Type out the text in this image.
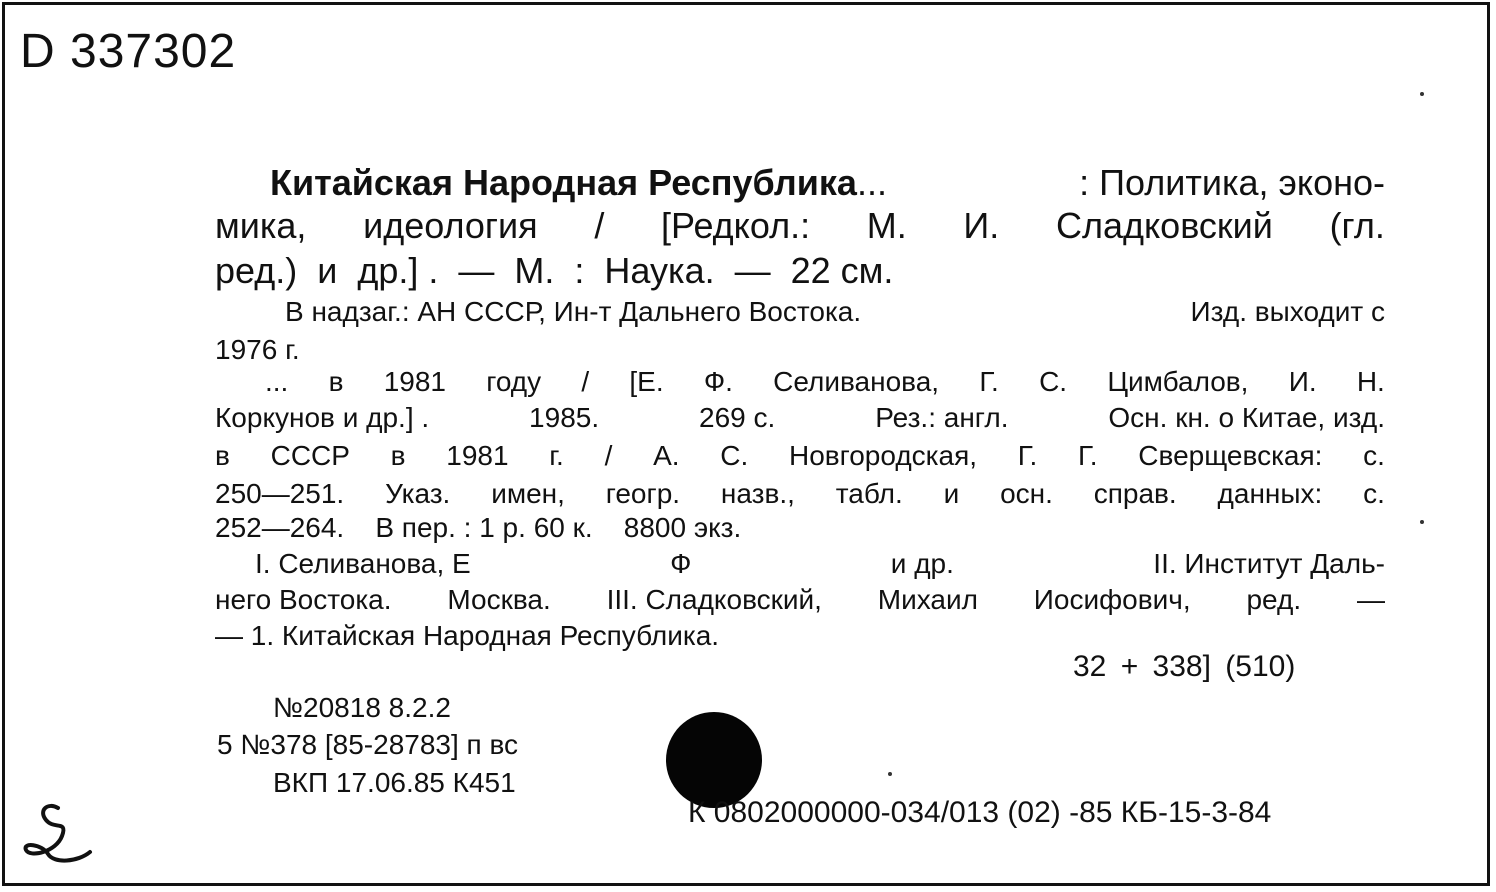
D 337302
Китайская Народная Республика ...	: Политика, эконо-
мика, идеология / [Редкол.: М. И. Сладковский (гл.
ред.)  и  др.] .  —  М.  :  Наука.  —  22 см.
В надзаг.: АН СССР, Ин-т Дальнего Востока.	Изд. выходит с
1976 г.
... в 1981 году / [Е. Ф. Селиванова, Г. С. Цимбалов, И. Н.
Коркунов и др.] .	1985.	269 с.	Рез.: англ.	Осн. кн. о Китае, изд.
в СССР в 1981 г. / А. С. Новгородская, Г. Г. Сверщевская: с.
250—251. Указ. имен, геогр. назв., табл. и осн. справ. данных: с.
252—264.    В пер. : 1 р. 60 к.    8800 экз.
I. Селиванова, Е	Ф	и др.	II. Институт Даль-
него Востока. Москва. III. Сладковский, Михаил Иосифович, ред. —
— 1. Китайская Народная Республика.
32 + 338] (510)
№20818 8.2.2
5 №378 [85-28783] п вс
ВКП 17.06.85 К451
К 0802000000-034/013 (02) -85 КБ-15-3-84
